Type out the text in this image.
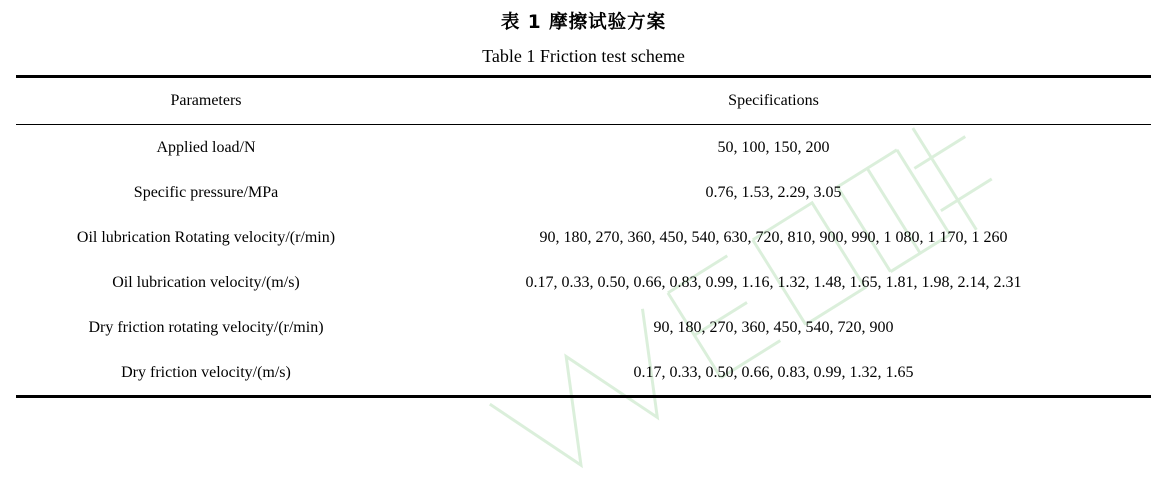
表 1 摩擦试验方案
Table 1 Friction test scheme
Parameters	Specifications
Applied load/N	50, 100, 150, 200
Specific pressure/MPa	0.76, 1.53, 2.29, 3.05
Oil lubrication Rotating velocity/(r/min)	90, 180, 270, 360, 450, 540, 630, 720, 810, 900, 990, 1 080, 1 170, 1 260
Oil lubrication velocity/(m/s)	0.17, 0.33, 0.50, 0.66, 0.83, 0.99, 1.16, 1.32, 1.48, 1.65, 1.81, 1.98, 2.14, 2.31
Dry friction rotating velocity/(r/min)	90, 180, 270, 360, 450, 540, 720, 900
Dry friction velocity/(m/s)	0.17, 0.33, 0.50, 0.66, 0.83, 0.99, 1.32, 1.65
